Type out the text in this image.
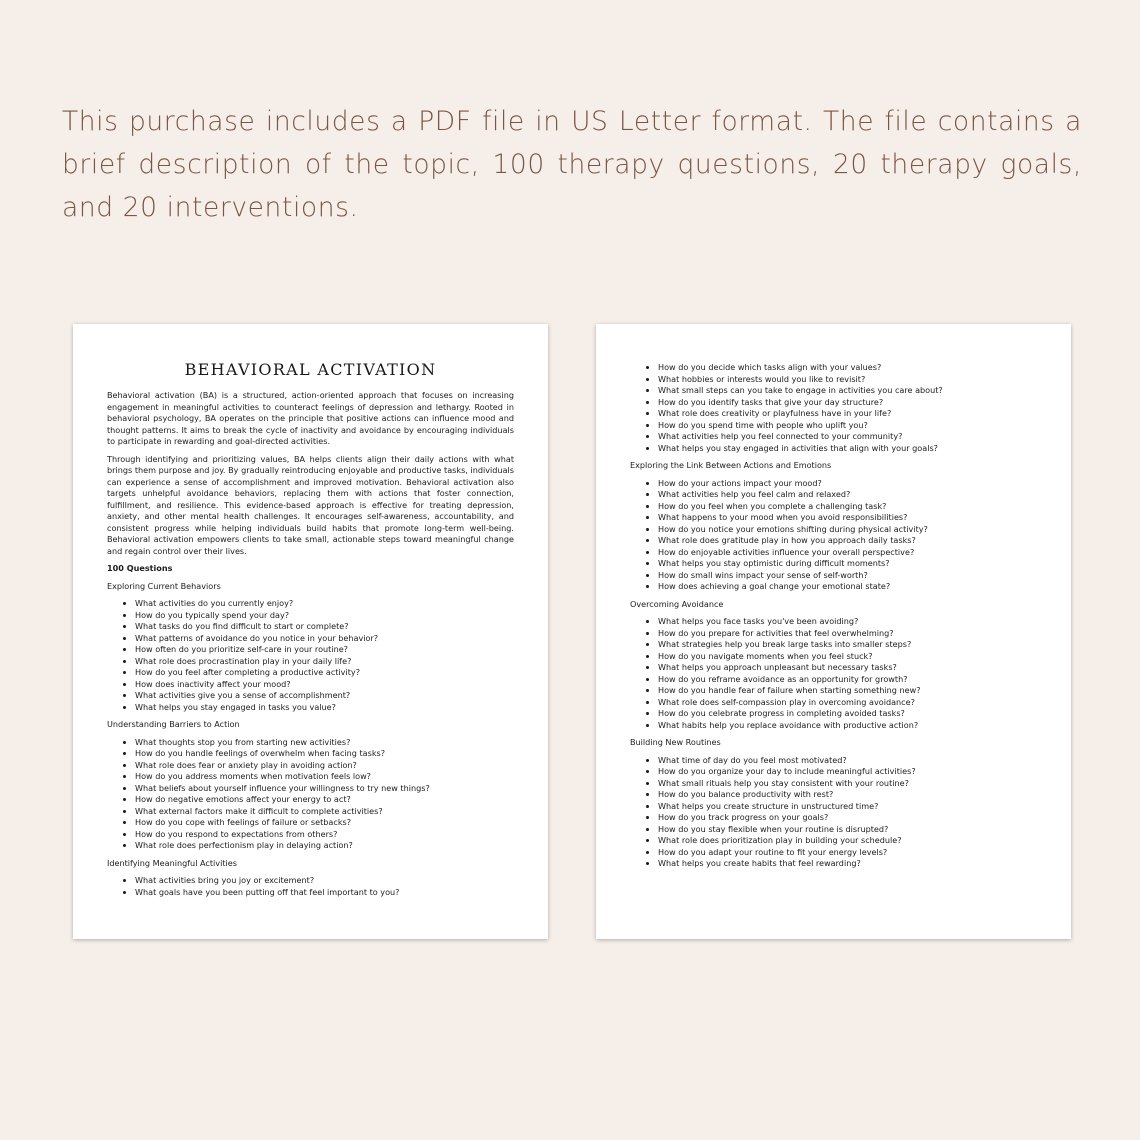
This purchase includes a PDF file in US Letter format. The file contains a brief description of the topic, 100 therapy questions, 20 therapy goals, and 20 interventions.
BEHAVIORAL ACTIVATION
Behavioral activation (BA) is a structured, action-oriented approach that focuses on increasing engagement in meaningful activities to counteract feelings of depression and lethargy. Rooted in behavioral psychology, BA operates on the principle that positive actions can influence mood and thought patterns. It aims to break the cycle of inactivity and avoidance by encouraging individuals to participate in rewarding and goal-directed activities.
Through identifying and prioritizing values, BA helps clients align their daily actions with what brings them purpose and joy. By gradually reintroducing enjoyable and productive tasks, individuals can experience a sense of accomplishment and improved motivation. Behavioral activation also targets unhelpful avoidance behaviors, replacing them with actions that foster connection, fulfillment, and resilience. This evidence-based approach is effective for treating depression, anxiety, and other mental health challenges. It encourages self-awareness, accountability, and consistent progress while helping individuals build habits that promote long-term well-being. Behavioral activation empowers clients to take small, actionable steps toward meaningful change and regain control over their lives.
100 Questions
Exploring Current Behaviors
• What activities do you currently enjoy?
• How do you typically spend your day?
• What tasks do you find difficult to start or complete?
• What patterns of avoidance do you notice in your behavior?
• How often do you prioritize self-care in your routine?
• What role does procrastination play in your daily life?
• How do you feel after completing a productive activity?
• How does inactivity affect your mood?
• What activities give you a sense of accomplishment?
• What helps you stay engaged in tasks you value?
Understanding Barriers to Action
• What thoughts stop you from starting new activities?
• How do you handle feelings of overwhelm when facing tasks?
• What role does fear or anxiety play in avoiding action?
• How do you address moments when motivation feels low?
• What beliefs about yourself influence your willingness to try new things?
• How do negative emotions affect your energy to act?
• What external factors make it difficult to complete activities?
• How do you cope with feelings of failure or setbacks?
• How do you respond to expectations from others?
• What role does perfectionism play in delaying action?
Identifying Meaningful Activities
• What activities bring you joy or excitement?
• What goals have you been putting off that feel important to you?
• How do you decide which tasks align with your values?
• What hobbies or interests would you like to revisit?
• What small steps can you take to engage in activities you care about?
• How do you identify tasks that give your day structure?
• What role does creativity or playfulness have in your life?
• How do you spend time with people who uplift you?
• What activities help you feel connected to your community?
• What helps you stay engaged in activities that align with your goals?
Exploring the Link Between Actions and Emotions
• How do your actions impact your mood?
• What activities help you feel calm and relaxed?
• How do you feel when you complete a challenging task?
• What happens to your mood when you avoid responsibilities?
• How do you notice your emotions shifting during physical activity?
• What role does gratitude play in how you approach daily tasks?
• How do enjoyable activities influence your overall perspective?
• What helps you stay optimistic during difficult moments?
• How do small wins impact your sense of self-worth?
• How does achieving a goal change your emotional state?
Overcoming Avoidance
• What helps you face tasks you've been avoiding?
• How do you prepare for activities that feel overwhelming?
• What strategies help you break large tasks into smaller steps?
• How do you navigate moments when you feel stuck?
• What helps you approach unpleasant but necessary tasks?
• How do you reframe avoidance as an opportunity for growth?
• How do you handle fear of failure when starting something new?
• What role does self-compassion play in overcoming avoidance?
• How do you celebrate progress in completing avoided tasks?
• What habits help you replace avoidance with productive action?
Building New Routines
• What time of day do you feel most motivated?
• How do you organize your day to include meaningful activities?
• What small rituals help you stay consistent with your routine?
• How do you balance productivity with rest?
• What helps you create structure in unstructured time?
• How do you track progress on your goals?
• How do you stay flexible when your routine is disrupted?
• What role does prioritization play in building your schedule?
• How do you adapt your routine to fit your energy levels?
• What helps you create habits that feel rewarding?
